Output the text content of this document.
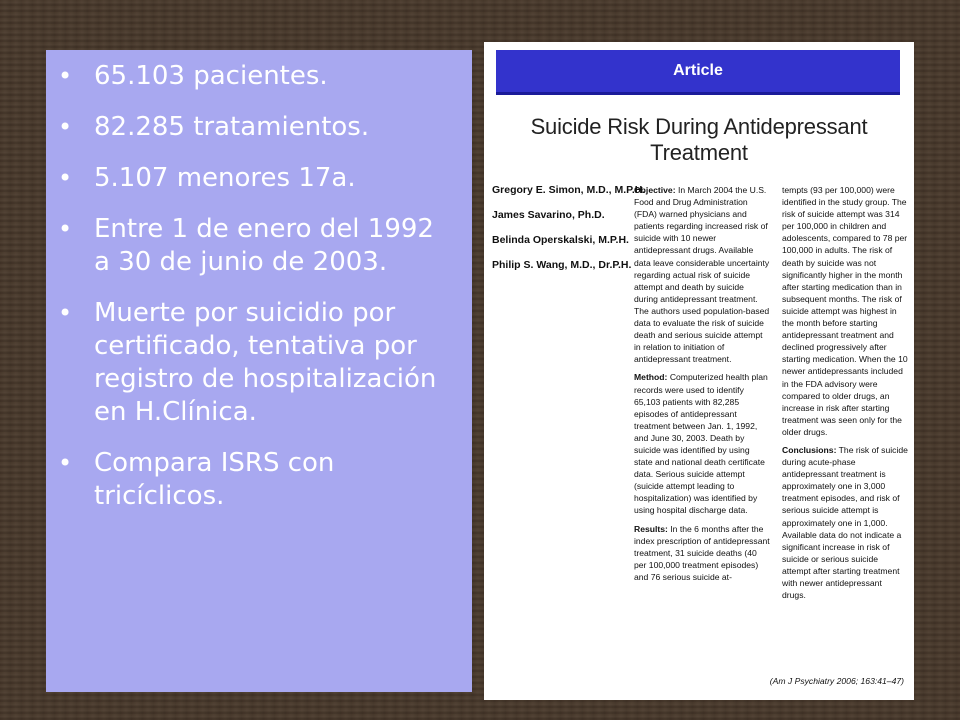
• 65.103 pacientes.
• 82.285 tratamientos.
• 5.107 menores 17a.
• Entre 1 de enero del 1992 a 30 de junio de 2003.
• Muerte por suicidio por certificado, tentativa por registro de hospitalización en H.Clínica.
• Compara ISRS con tricíclicos.
Article
Suicide Risk During Antidepressant Treatment
Gregory E. Simon, M.D., M.P.H.
James Savarino, Ph.D.
Belinda Operskalski, M.P.H.
Philip S. Wang, M.D., Dr.P.H.

Objective: In March 2004 the U.S. Food and Drug Administration (FDA) warned physicians and patients regarding increased risk of suicide with 10 newer antidepressant drugs. Available data leave considerable uncertainty regarding actual risk of suicide attempt and death by suicide during antidepressant treatment. The authors used population-based data to evaluate the risk of suicide death and serious suicide attempt in relation to initiation of antidepressant treatment.

Method: Computerized health plan records were used to identify 65,103 patients with 82,285 episodes of antidepressant treatment between Jan. 1, 1992, and June 30, 2003. Death by suicide was identified by using state and national death certificate data. Serious suicide attempt (suicide attempt leading to hospitalization) was identified by using hospital discharge data.

Results: In the 6 months after the index prescription of antidepressant treatment, 31 suicide deaths (40 per 100,000 treatment episodes) and 76 serious suicide at-

tempts (93 per 100,000) were identified in the study group. The risk of suicide attempt was 314 per 100,000 in children and adolescents, compared to 78 per 100,000 in adults. The risk of death by suicide was not significantly higher in the month after starting medication than in subsequent months. The risk of suicide attempt was highest in the month before starting antidepressant treatment and declined progressively after starting medication. When the 10 newer antidepressants included in the FDA advisory were compared to older drugs, an increase in risk after starting treatment was seen only for the older drugs.

Conclusions: The risk of suicide during acute-phase antidepressant treatment is approximately one in 3,000 treatment episodes, and risk of serious suicide attempt is approximately one in 1,000. Available data do not indicate a significant increase in risk of suicide or serious suicide attempt after starting treatment with newer antidepressant drugs.

(Am J Psychiatry 2006; 163:41–47)
